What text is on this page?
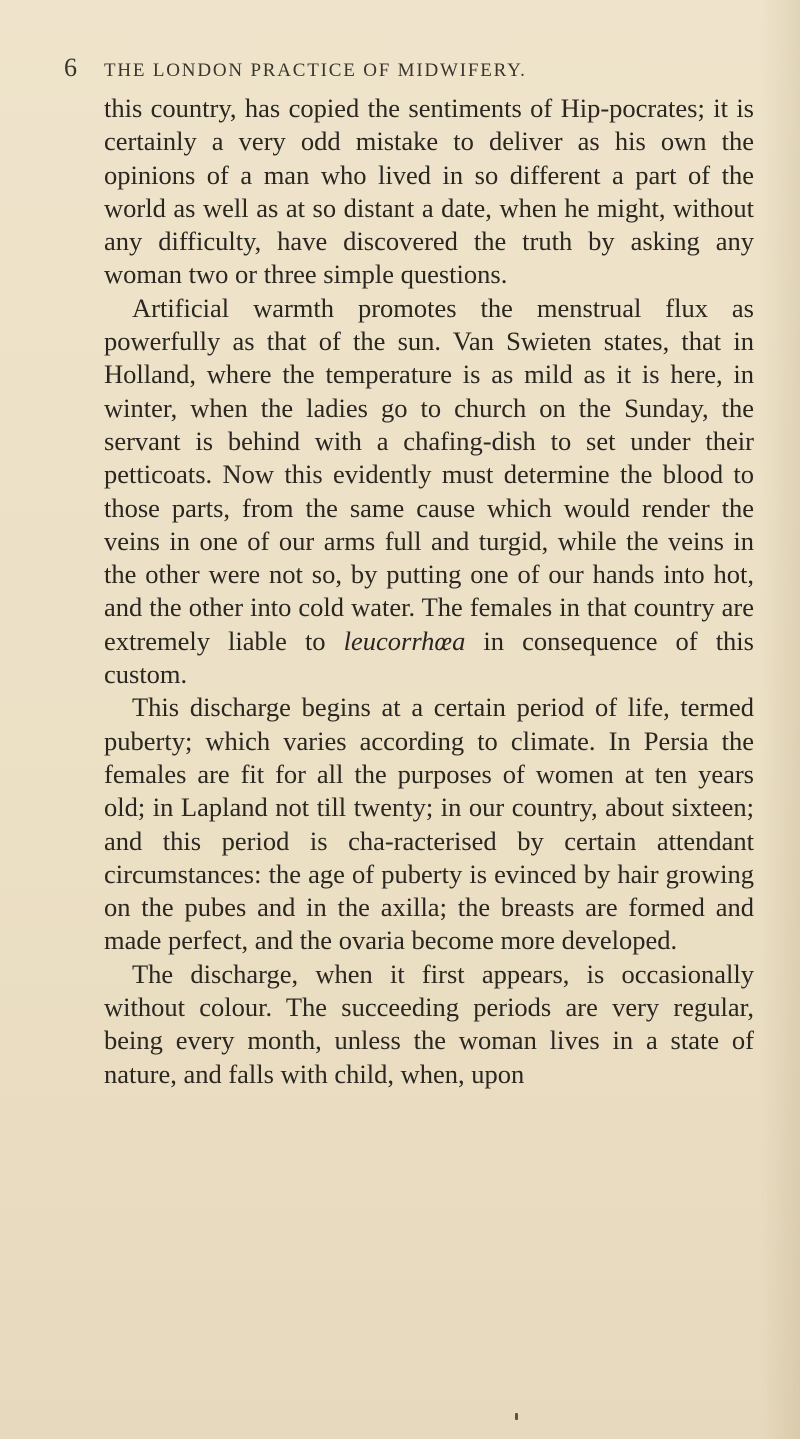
6	THE LONDON PRACTICE OF MIDWIFERY.

this country, has copied the sentiments of Hip-pocrates; it is certainly a very odd mistake to deliver as his own the opinions of a man who lived in so different a part of the world as well as at so distant a date, when he might, without any difficulty, have discovered the truth by asking any woman two or three simple questions.

Artificial warmth promotes the menstrual flux as powerfully as that of the sun. Van Swieten states, that in Holland, where the temperature is as mild as it is here, in winter, when the ladies go to church on the Sunday, the servant is behind with a chafing-dish to set under their petticoats. Now this evidently must determine the blood to those parts, from the same cause which would render the veins in one of our arms full and turgid, while the veins in the other were not so, by putting one of our hands into hot, and the other into cold water. The females in that country are extremely liable to leucorrhœa in consequence of this custom.

This discharge begins at a certain period of life, termed puberty; which varies according to climate. In Persia the females are fit for all the purposes of women at ten years old; in Lapland not till twenty; in our country, about sixteen; and this period is cha-racterised by certain attendant circumstances: the age of puberty is evinced by hair growing on the pubes and in the axilla; the breasts are formed and made perfect, and the ovaria become more developed.

The discharge, when it first appears, is occasionally without colour. The succeeding periods are very regular, being every month, unless the woman lives in a state of nature, and falls with child, when, upon
